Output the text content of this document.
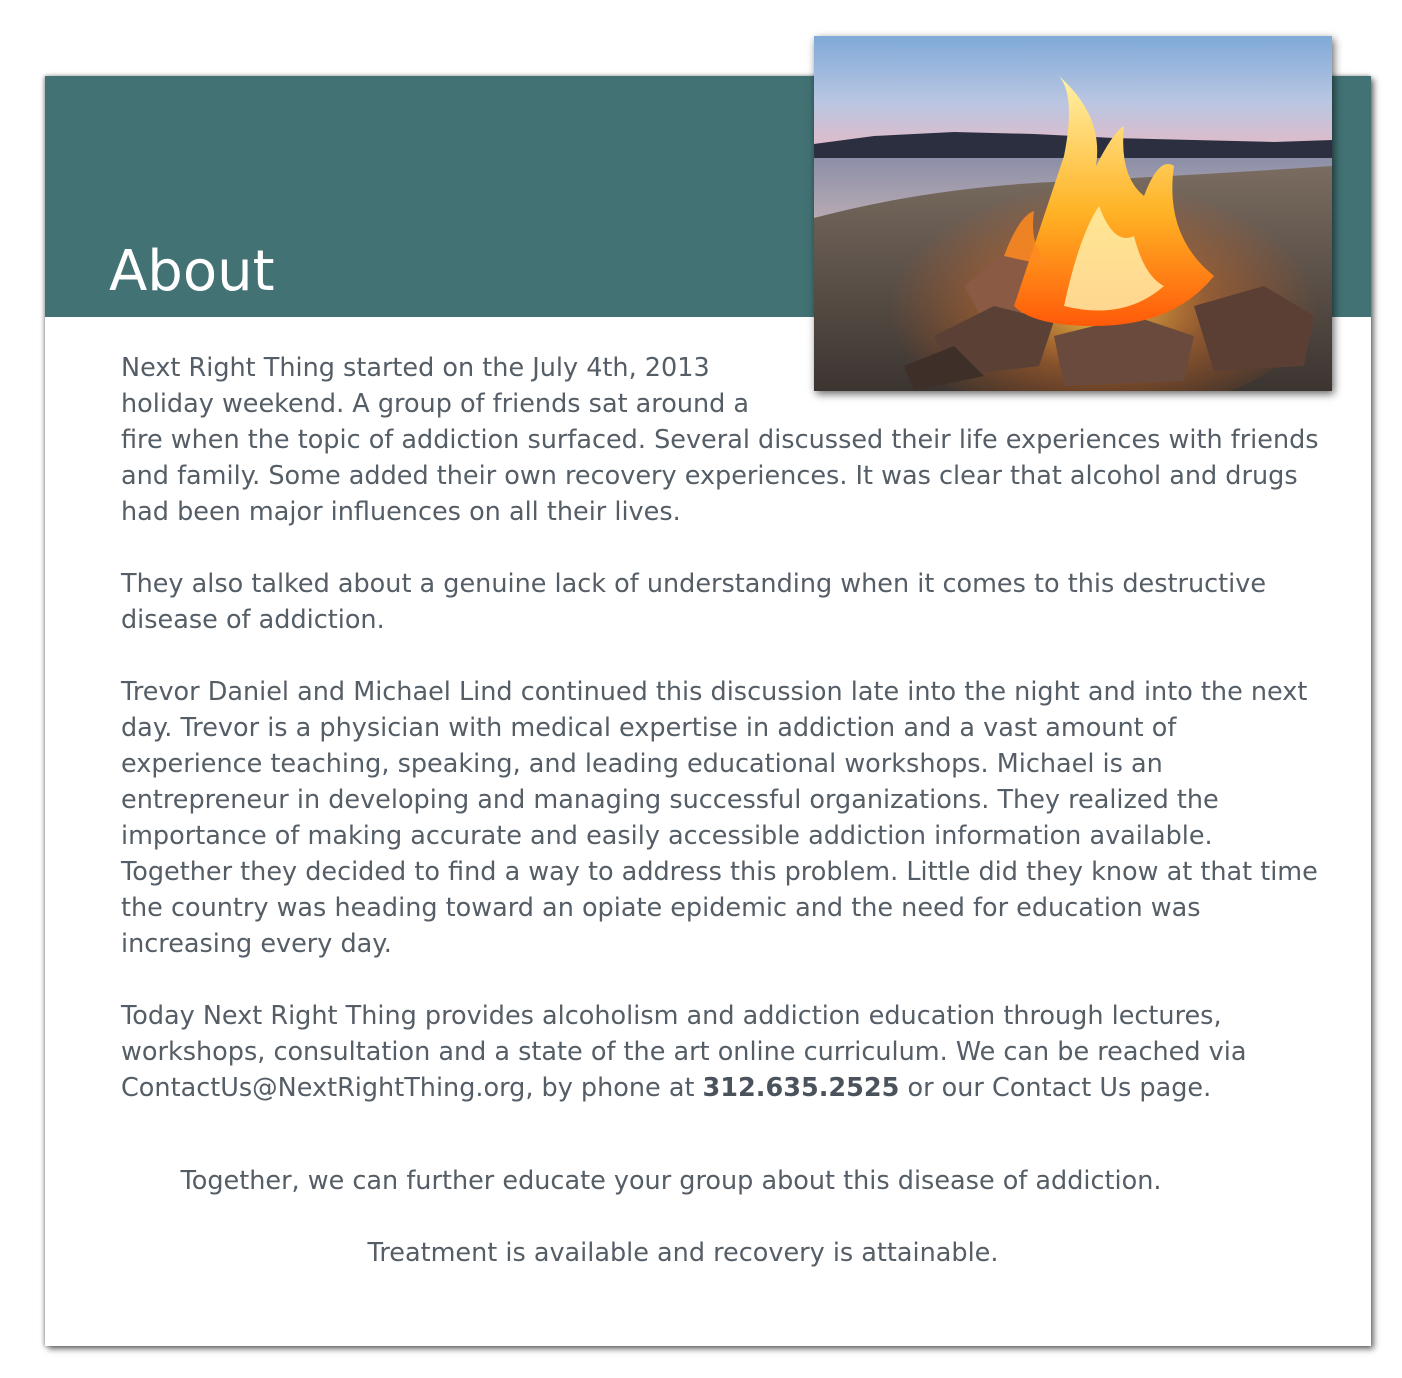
About

Next Right Thing started on the July 4th, 2013
holiday weekend. A group of friends sat around a
fire when the topic of addiction surfaced. Several discussed their life experiences with friends and family. Some added their own recovery experiences. It was clear that alcohol and drugs had been major influences on all their lives.

They also talked about a genuine lack of understanding when it comes to this destructive disease of addiction.

Trevor Daniel and Michael Lind continued this discussion late into the night and into the next day. Trevor is a physician with medical expertise in addiction and a vast amount of experience teaching, speaking, and leading educational workshops. Michael is an entrepreneur in developing and managing successful organizations. They realized the importance of making accurate and easily accessible addiction information available. Together they decided to find a way to address this problem. Little did they know at that time the country was heading toward an opiate epidemic and the need for education was increasing every day.

Today Next Right Thing provides alcoholism and addiction education through lectures, workshops, consultation and a state of the art online curriculum. We can be reached via ContactUs@NextRightThing.org, by phone at 312.635.2525 or our Contact Us page.

Together, we can further educate your group about this disease of addiction.

Treatment is available and recovery is attainable.
